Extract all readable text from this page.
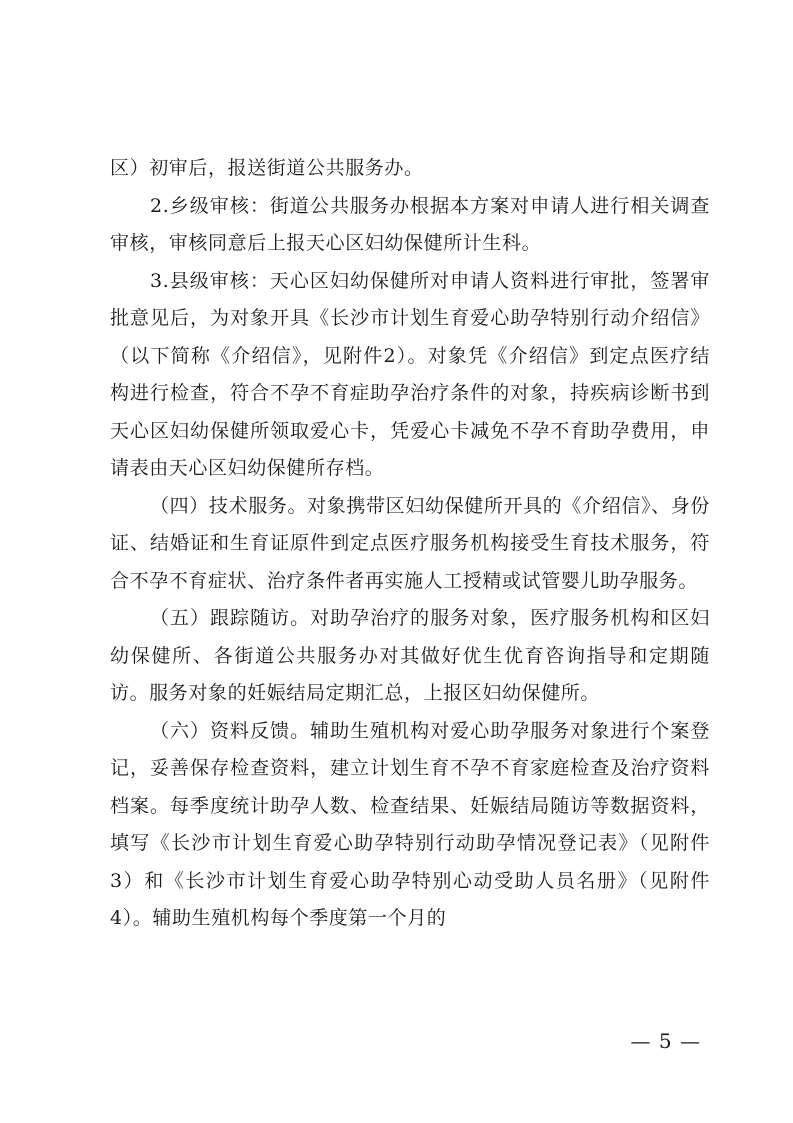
区）初审后，报送街道公共服务办。

2.乡级审核：街道公共服务办根据本方案对申请人进行相关调查审核，审核同意后上报天心区妇幼保健所计生科。

3.县级审核：天心区妇幼保健所对申请人资料进行审批，签署审批意见后，为对象开具《长沙市计划生育爱心助孕特别行动介绍信》（以下简称《介绍信》，见附件2）。对象凭《介绍信》到定点医疗结构进行检查，符合不孕不育症助孕治疗条件的对象，持疾病诊断书到天心区妇幼保健所领取爱心卡，凭爱心卡减免不孕不育助孕费用，申请表由天心区妇幼保健所存档。

（四）技术服务。对象携带区妇幼保健所开具的《介绍信》、身份证、结婚证和生育证原件到定点医疗服务机构接受生育技术服务，符合不孕不育症状、治疗条件者再实施人工授精或试管婴儿助孕服务。

（五）跟踪随访。对助孕治疗的服务对象，医疗服务机构和区妇幼保健所、各街道公共服务办对其做好优生优育咨询指导和定期随访。服务对象的妊娠结局定期汇总，上报区妇幼保健所。

（六）资料反馈。辅助生殖机构对爱心助孕服务对象进行个案登记，妥善保存检查资料，建立计划生育不孕不育家庭检查及治疗资料档案。每季度统计助孕人数、检查结果、妊娠结局随访等数据资料，填写《长沙市计划生育爱心助孕特别行动助孕情况登记表》（见附件3）和《长沙市计划生育爱心助孕特别心动受助人员名册》（见附件4）。辅助生殖机构每个季度第一个月的

— 5 —
